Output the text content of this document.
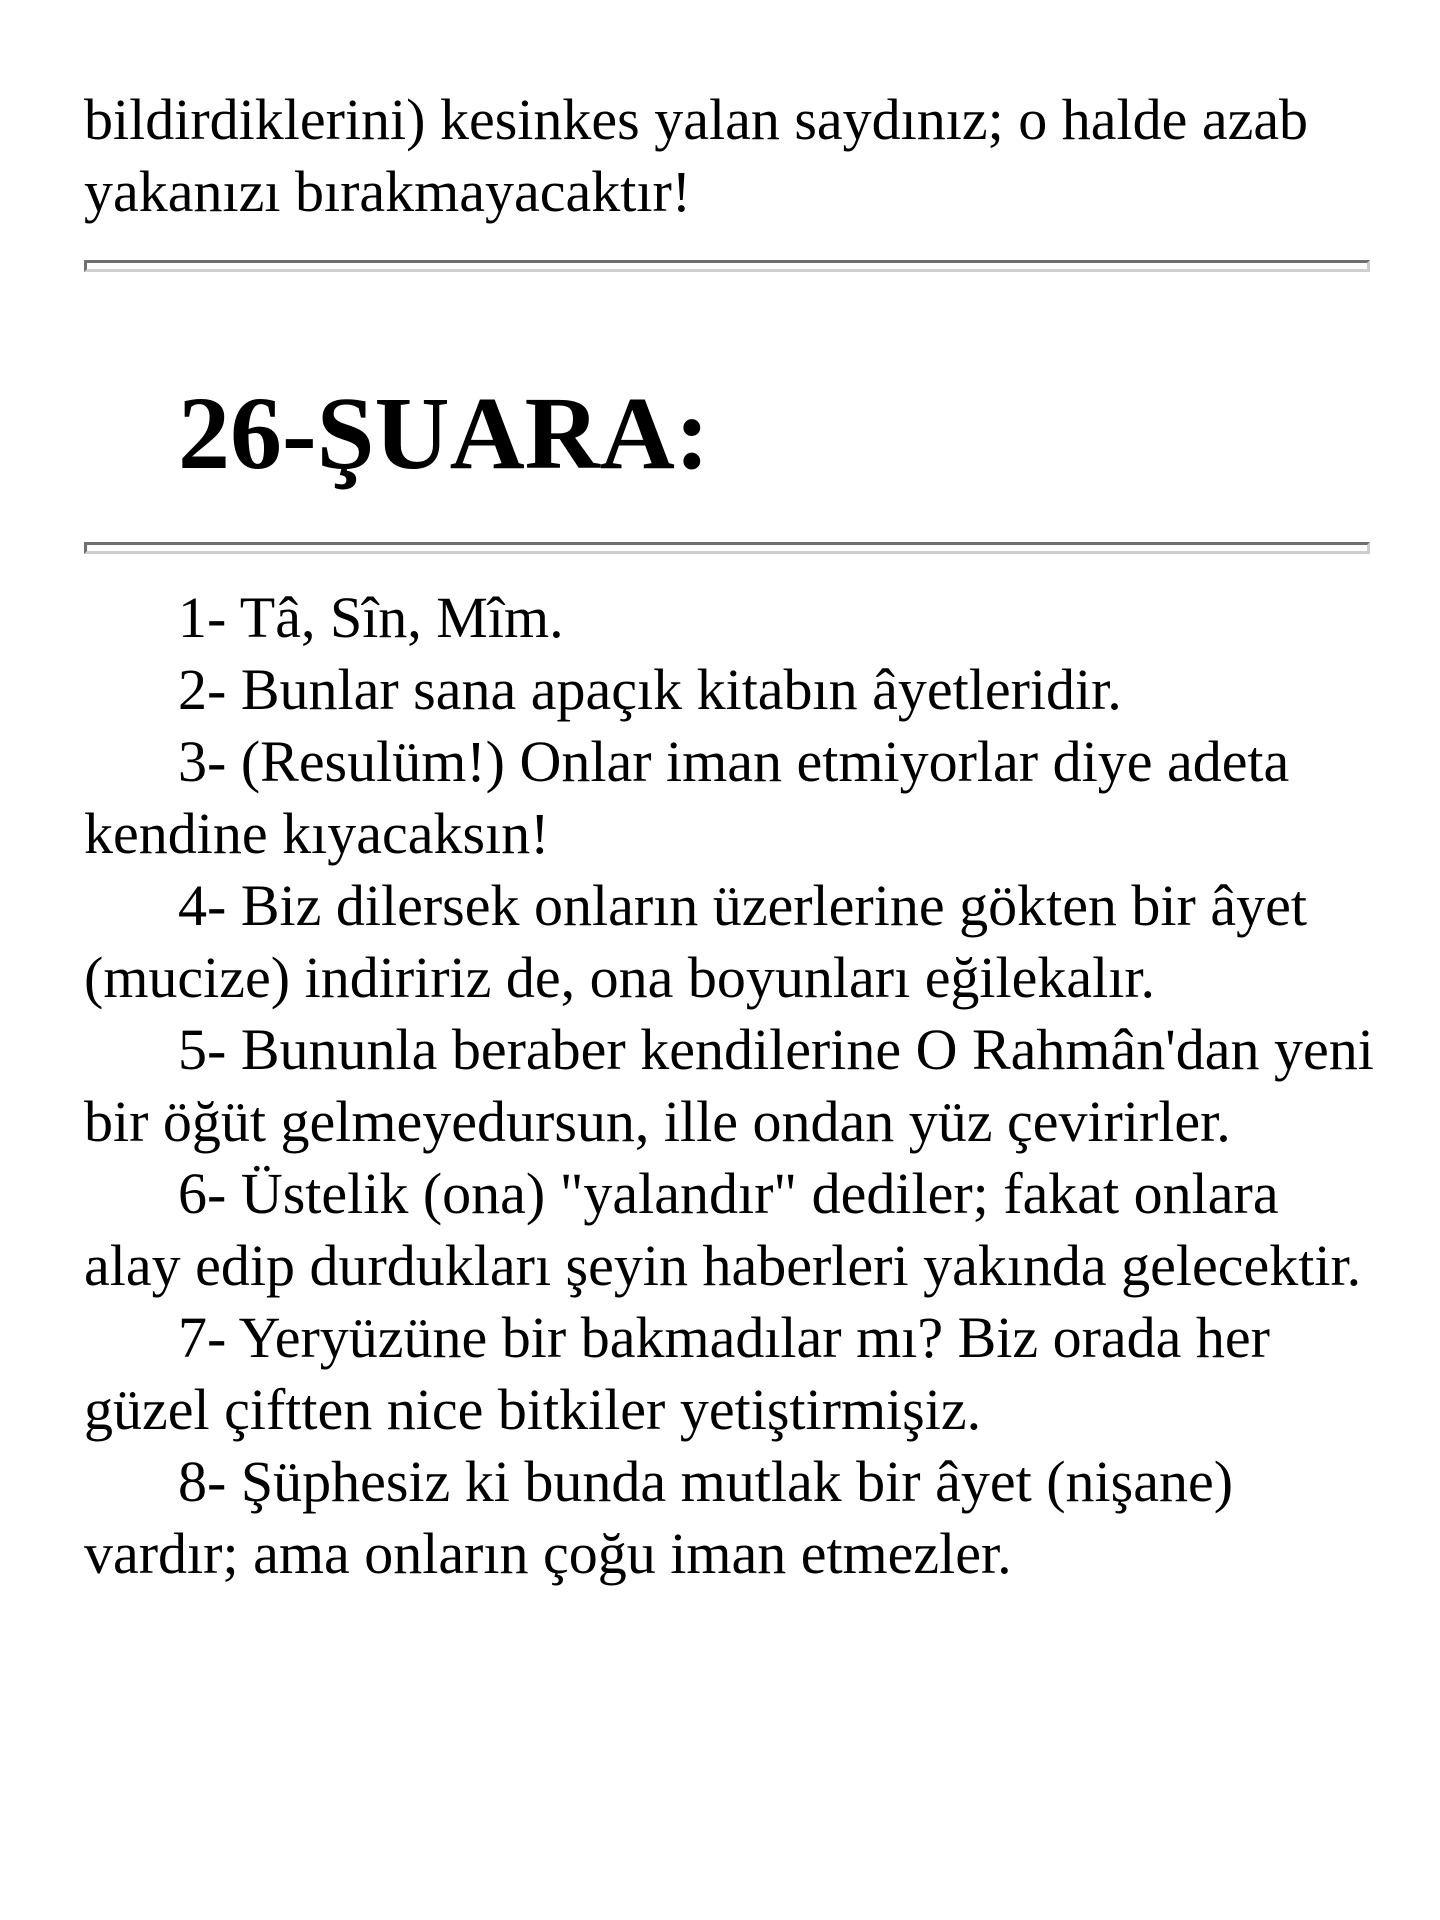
bildirdiklerini) kesinkes yalan saydınız; o halde azab yakanızı bırakmayacaktır!

26-ŞUARA:

1- Tâ, Sîn, Mîm.

2- Bunlar sana apaçık kitabın âyetleridir.

3- (Resulüm!) Onlar iman etmiyorlar diye adeta kendine kıyacaksın!

4- Biz dilersek onların üzerlerine gökten bir âyet (mucize) indiririz de, ona boyunları eğilekalır.

5- Bununla beraber kendilerine O Rahmân'dan yeni bir öğüt gelmeyedursun, ille ondan yüz çevirirler.

6- Üstelik (ona) "yalandır" dediler; fakat onlara alay edip durdukları şeyin haberleri yakında gelecektir.

7- Yeryüzüne bir bakmadılar mı? Biz orada her güzel çiftten nice bitkiler yetiştirmişiz.

8- Şüphesiz ki bunda mutlak bir âyet (nişane) vardır; ama onların çoğu iman etmezler.
